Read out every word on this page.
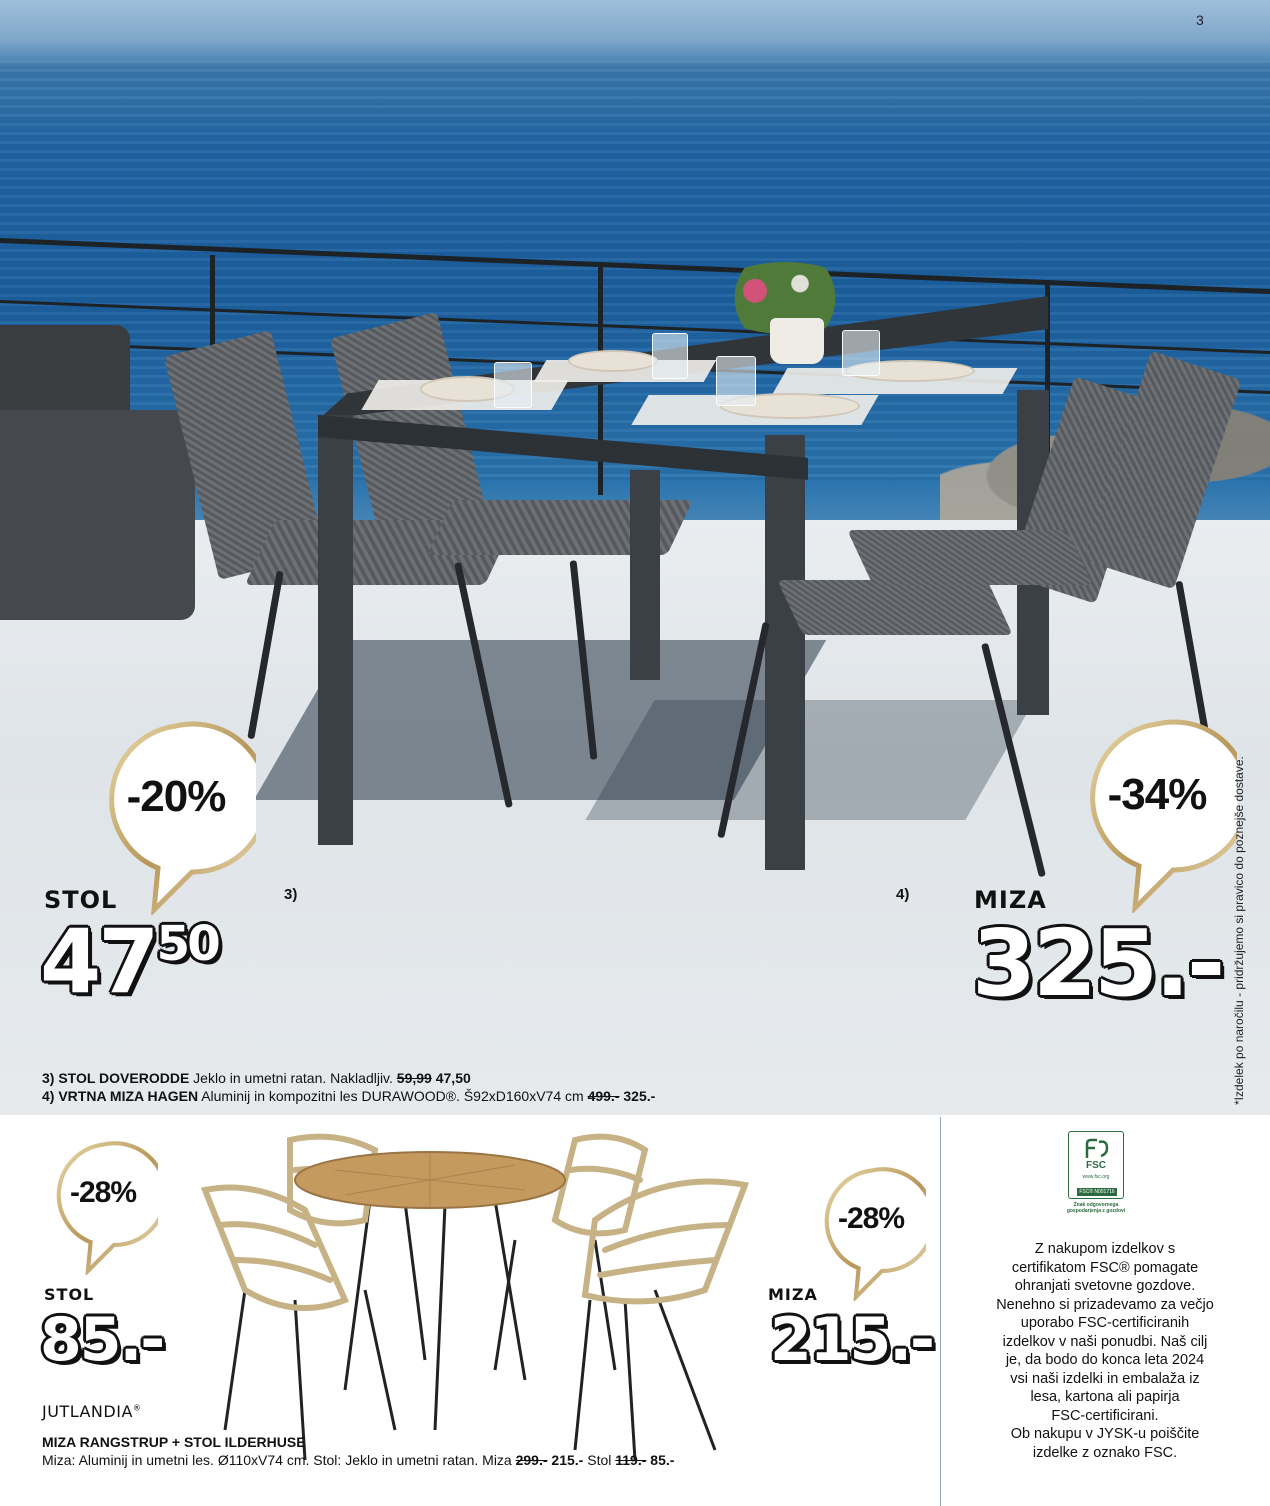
3
-20%
STOL
$47^{50}$
3)
-34%
MIZA
325.-
4)
3) STOL DOVERODDE Jeklo in umetni ratan. Nakladljiv. 59,99 47,50
4) VRTNA MIZA HAGEN Aluminij in kompozitni les DURAWOOD®. Š92xD160xV74 cm 499.- 325.-	*Izdelek po naročilu - pridržujemo si pravico do poznejše dostave.
-28%
STOL
85.-
-28%
MIZA
215.-
JUTLANDIA®
MIZA RANGSTRUP + STOL ILDERHUSE
Miza: Aluminij in umetni les. Ø110xV74 cm. Stol: Jeklo in umetni ratan. Miza 299.- 215.- Stol 119.- 85.-
FSC
www.fsc.org
FSC® N001716
Znak odgovornega gospodarjenja z gozdovi
Z nakupom izdelkov s
certifikatom FSC® pomagate
ohranjati svetovne gozdove.
Nenehno si prizadevamo za večjo
uporabo FSC-certificiranih
izdelkov v naši ponudbi. Naš cilj
je, da bodo do konca leta 2024
vsi naši izdelki in embalaža iz
lesa, kartona ali papirja
FSC-certificirani.
Ob nakupu v JYSK-u poiščite
izdelke z oznako FSC.
